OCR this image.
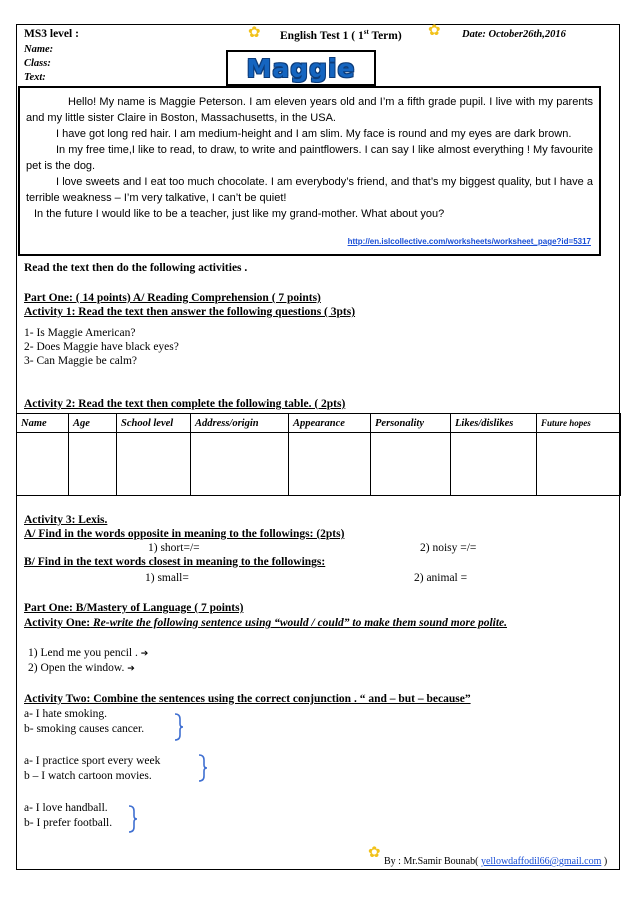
MS3 level :	✿ English Test 1 ( 1st Term) ✿ Date: October26th,2016
Name:
Class:
Text:	Maggie

Hello! My name is Maggie Peterson. I am eleven years old and I’m a fifth grade pupil. I live with my parents and my little sister Claire in Boston, Massachusetts, in the USA.

I have got long red hair. I am medium-height and I am slim. My face is round and my eyes are dark brown.

In my free time,I like to read, to draw, to write and paintflowers. I can say I like almost everything ! My favourite pet is the dog.

I love sweets and I eat too much chocolate. I am everybody’s friend, and that’s my biggest quality, but I have a terrible weakness – I’m very talkative, I can’t be quiet!

In the future I would like to be a teacher, just like my grand-mother. What about you?

http://en.islcollective.com/worksheets/worksheet_page?id=5317
Read the text then do the following activities .
Part One: ( 14 points) A/ Reading Comprehension ( 7 points)
Activity 1: Read the text then answer the following questions ( 3pts)
1- Is Maggie American?
2- Does Maggie have black eyes?
3- Can Maggie be calm?
Activity 2: Read the text then complete the following table. ( 2pts)
Name	Age	School level	Address/origin	Appearance	Personality	Likes/dislikes	Future hopes

Activity 3: Lexis.
A/ Find in the words opposite in meaning to the followings: (2pts)
1) short=/=	2) noisy =/=
B/ Find in the text words closest in meaning to the followings:
1) small=	2) animal =
Part One: B/Mastery of Language ( 7 points)
Activity One: Re-write the following sentence using “would / could” to make them sound more polite.
1) Lend me you pencil . ➔
2) Open the window. ➔
Activity Two: Combine the sentences using the correct conjunction . “ and – but – because”
a- I hate smoking.
b- smoking causes cancer.
a- I practice sport every week
b – I watch cartoon movies.
a- I love handball.
b- I prefer football.
✿
By : Mr.Samir Bounab( yellowdaffodil66@gmail.com )
